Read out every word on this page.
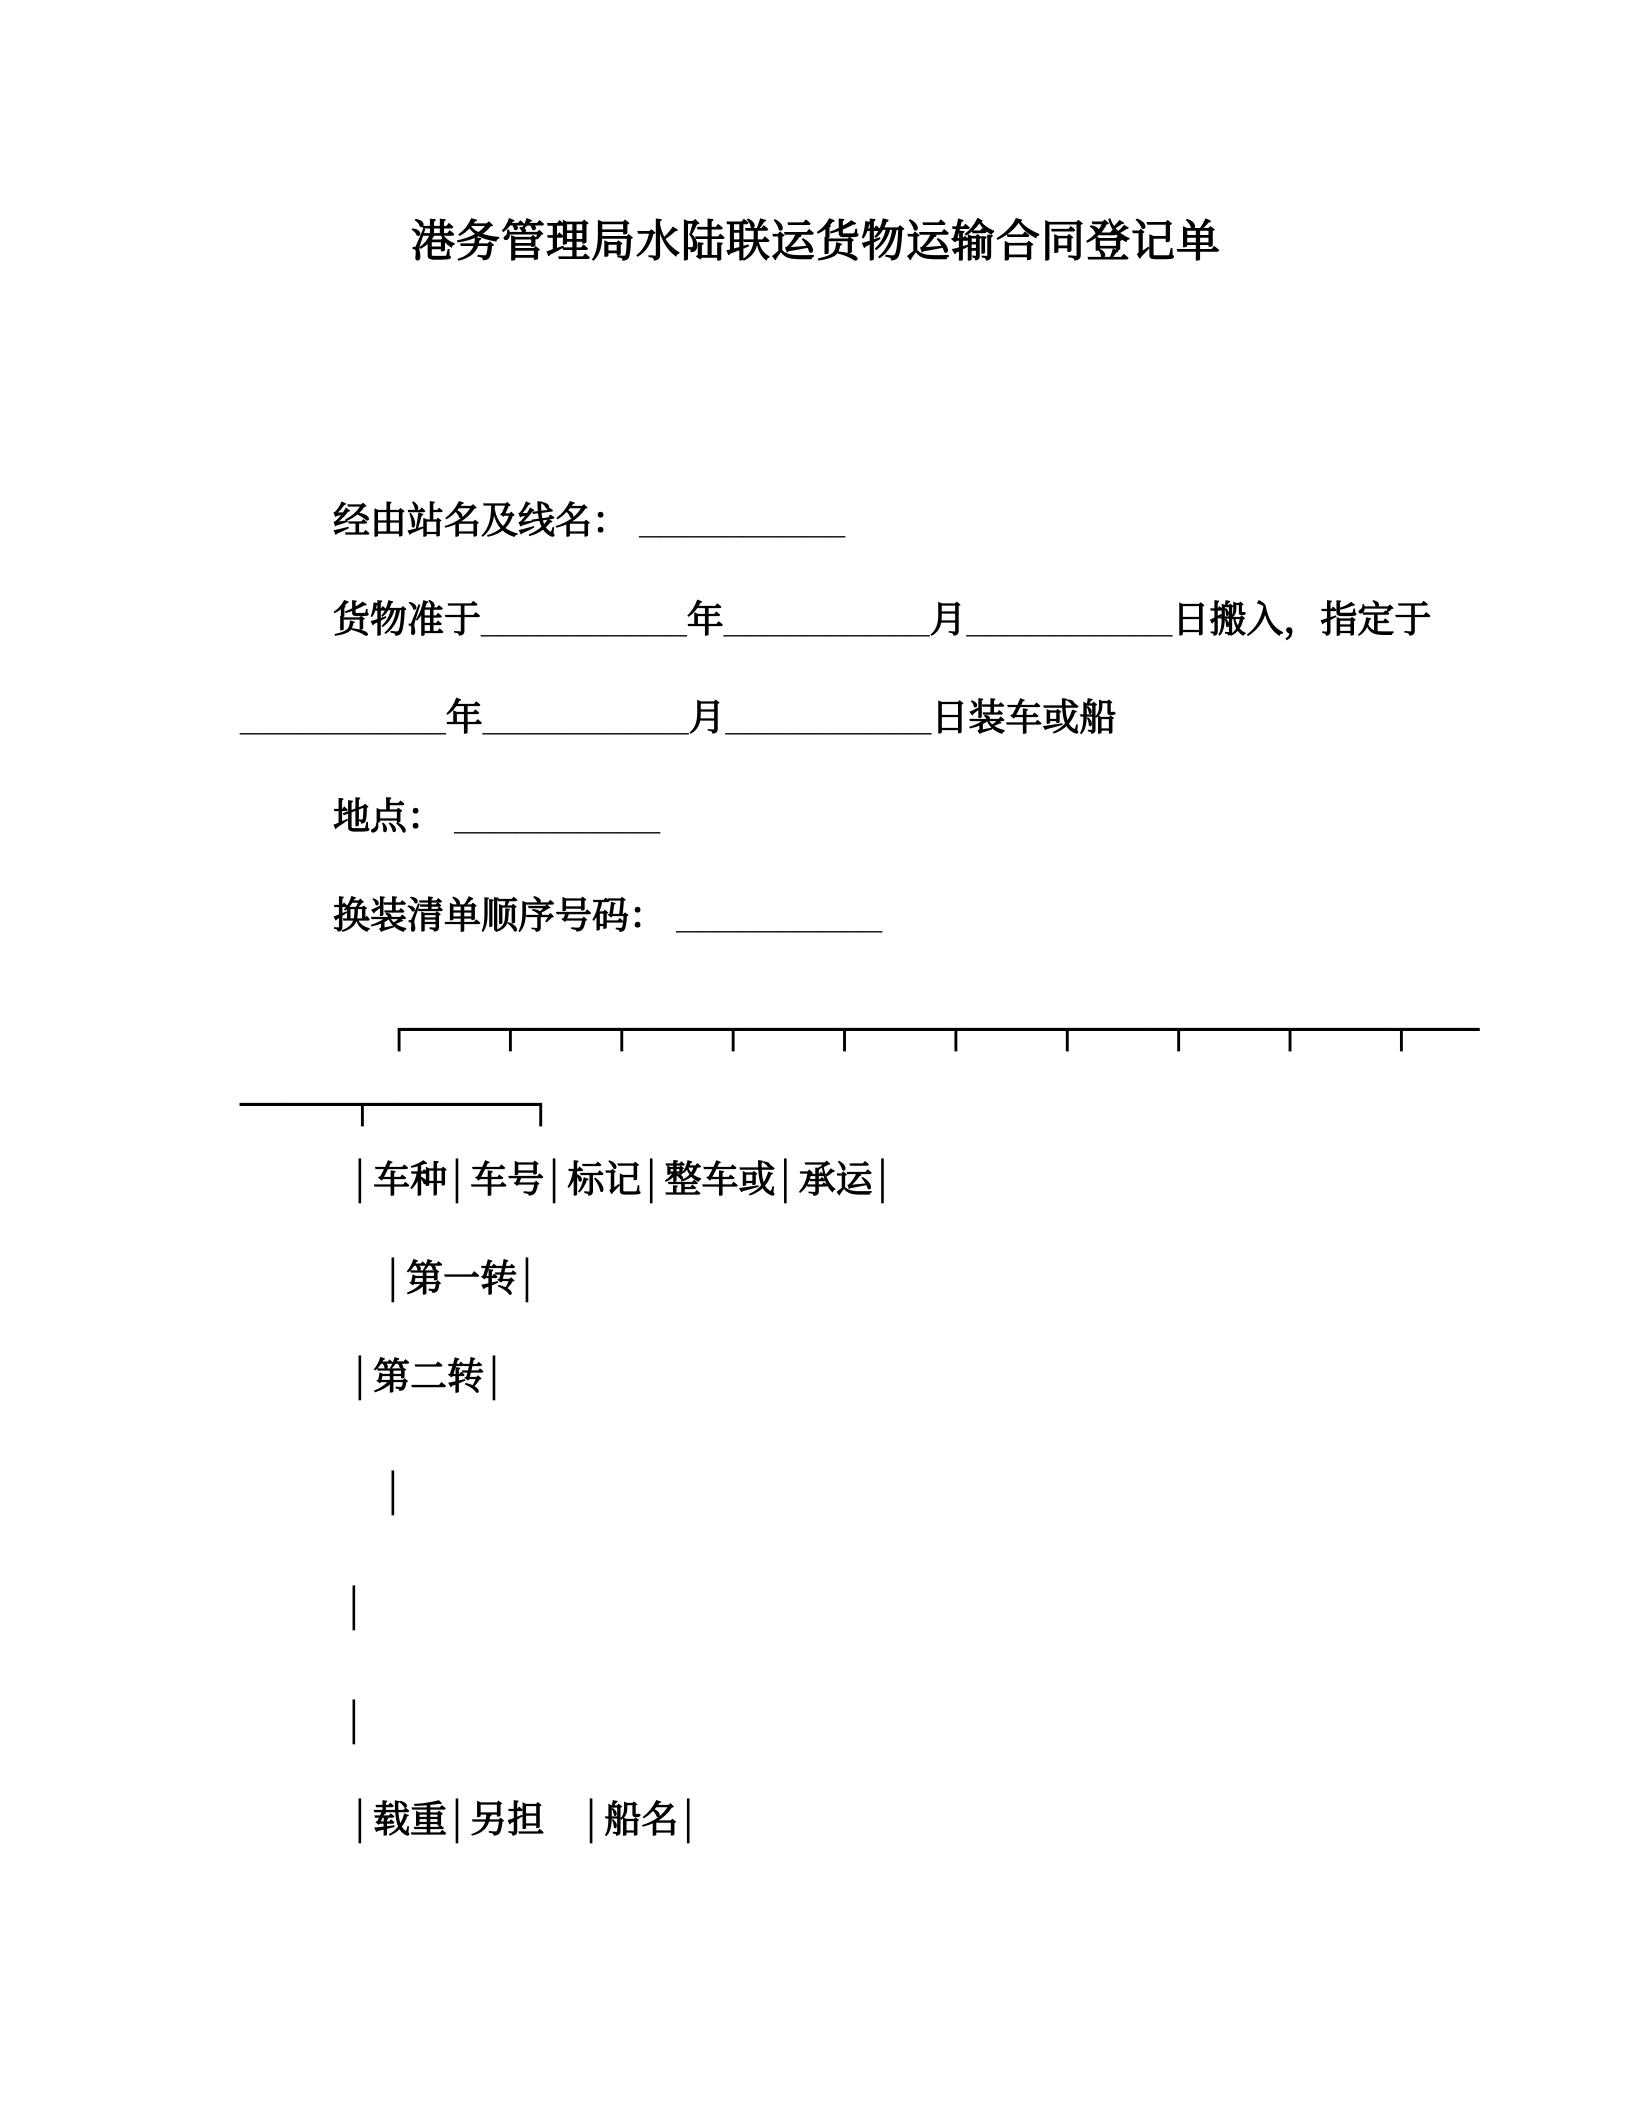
港务管理局水陆联运货物运输合同登记单

经由站名及线名： __________

货物准于__________年__________月__________日搬入，指定于

__________年__________月__________日装车或船

地点： __________

换装清单顺序号码： __________

┌────┬────┬────┬────┬────┬────┬────┬────┬────┬───

─────┬───────┐

│车种│车号│标记│整车或│承运│

│第一转│

│第二转│

│

│

│

│载重│另担　│船名│
